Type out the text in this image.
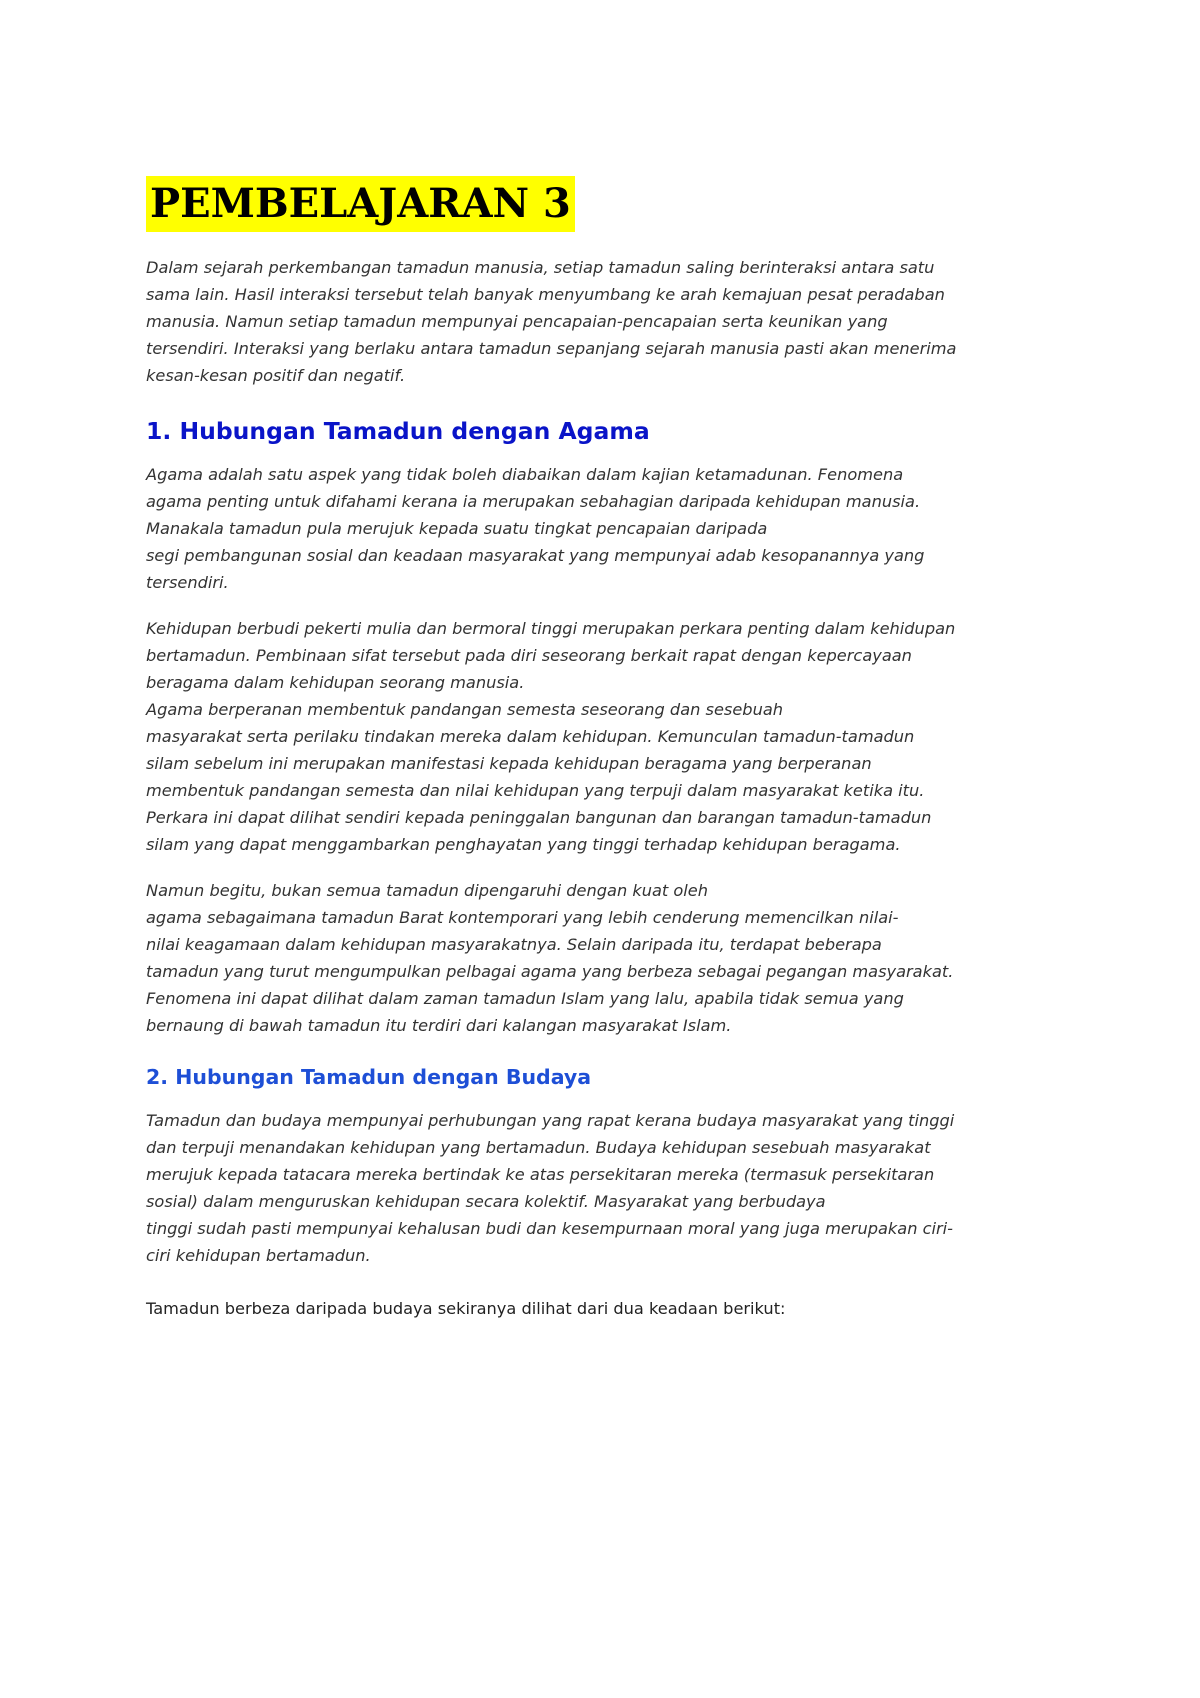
PEMBELAJARAN 3
Dalam sejarah perkembangan tamadun manusia, setiap tamadun saling berinteraksi antara satu
sama lain. Hasil interaksi tersebut telah banyak menyumbang ke arah kemajuan pesat peradaban
manusia. Namun setiap tamadun mempunyai pencapaian-pencapaian serta keunikan yang
tersendiri. Interaksi yang berlaku antara tamadun sepanjang sejarah manusia pasti akan menerima
kesan-kesan positif dan negatif.
1. Hubungan Tamadun dengan Agama
Agama adalah satu aspek yang tidak boleh diabaikan dalam kajian ketamadunan. Fenomena
agama penting untuk difahami kerana ia merupakan sebahagian daripada kehidupan manusia.
Manakala tamadun pula merujuk kepada suatu tingkat pencapaian daripada
segi pembangunan sosial dan keadaan masyarakat yang mempunyai adab kesopanannya yang
tersendiri.
Kehidupan berbudi pekerti mulia dan bermoral tinggi merupakan perkara penting dalam kehidupan
bertamadun. Pembinaan sifat tersebut pada diri seseorang berkait rapat dengan kepercayaan
beragama dalam kehidupan seorang manusia.
Agama berperanan membentuk pandangan semesta seseorang dan sesebuah
masyarakat serta perilaku tindakan mereka dalam kehidupan. Kemunculan tamadun-tamadun
silam sebelum ini merupakan manifestasi kepada kehidupan beragama yang berperanan
membentuk pandangan semesta dan nilai kehidupan yang terpuji dalam masyarakat ketika itu.
Perkara ini dapat dilihat sendiri kepada peninggalan bangunan dan barangan tamadun-tamadun
silam yang dapat menggambarkan penghayatan yang tinggi terhadap kehidupan beragama.
Namun begitu, bukan semua tamadun dipengaruhi dengan kuat oleh
agama sebagaimana tamadun Barat kontemporari yang lebih cenderung memencilkan nilai-
nilai keagamaan dalam kehidupan masyarakatnya. Selain daripada itu, terdapat beberapa
tamadun yang turut mengumpulkan pelbagai agama yang berbeza sebagai pegangan masyarakat.
Fenomena ini dapat dilihat dalam zaman tamadun Islam yang lalu, apabila tidak semua yang
bernaung di bawah tamadun itu terdiri dari kalangan masyarakat Islam.
2. Hubungan Tamadun dengan Budaya
Tamadun dan budaya mempunyai perhubungan yang rapat kerana budaya masyarakat yang tinggi
dan terpuji menandakan kehidupan yang bertamadun. Budaya kehidupan sesebuah masyarakat
merujuk kepada tatacara mereka bertindak ke atas persekitaran mereka (termasuk persekitaran
sosial) dalam menguruskan kehidupan secara kolektif. Masyarakat yang berbudaya
tinggi sudah pasti mempunyai kehalusan budi dan kesempurnaan moral yang juga merupakan ciri-
ciri kehidupan bertamadun.

Tamadun berbeza daripada budaya sekiranya dilihat dari dua keadaan berikut:
